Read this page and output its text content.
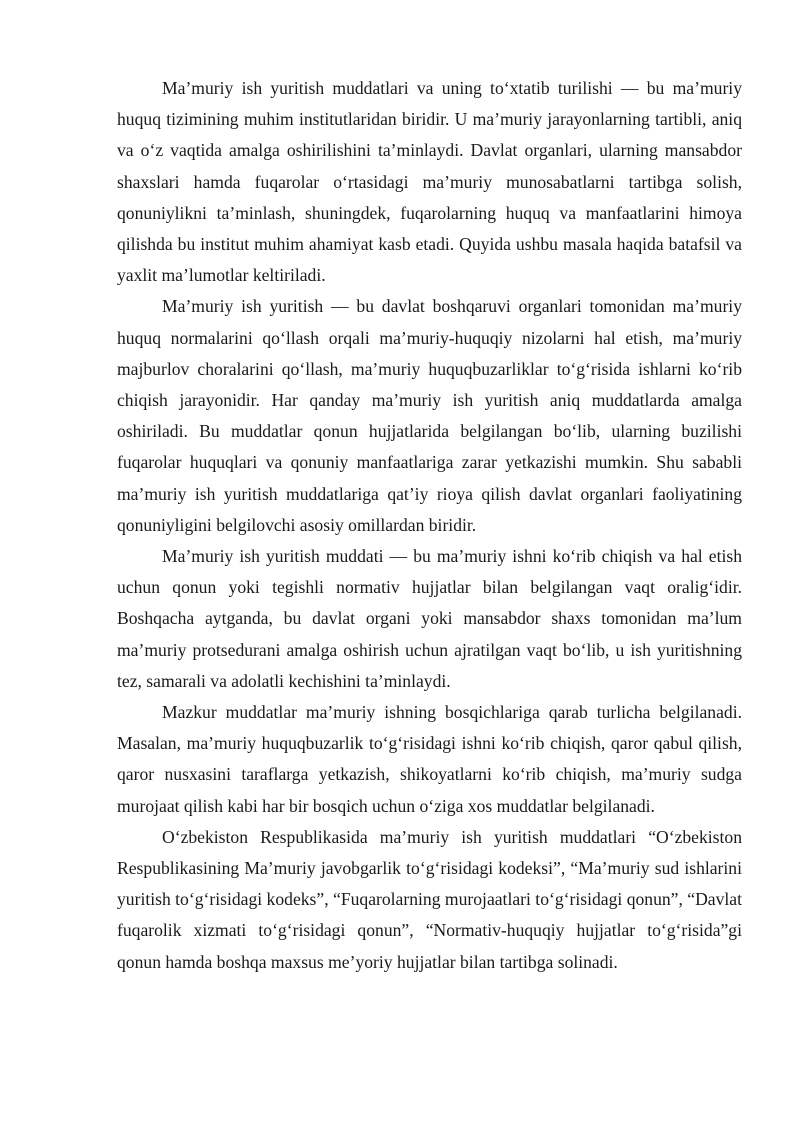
Ma’muriy ish yuritish muddatlari va uning to‘xtatib turilishi — bu ma’muriy huquq tizimining muhim institutlaridan biridir. U ma’muriy jarayonlarning tartibli, aniq va o‘z vaqtida amalga oshirilishini ta’minlaydi. Davlat organlari, ularning mansabdor shaxslari hamda fuqarolar o‘rtasidagi ma’muriy munosabatlarni tartibga solish, qonuniylikni ta’minlash, shuningdek, fuqarolarning huquq va manfaatlarini himoya qilishda bu institut muhim ahamiyat kasb etadi. Quyida ushbu masala haqida batafsil va yaxlit ma’lumotlar keltiriladi.

Ma’muriy ish yuritish — bu davlat boshqaruvi organlari tomonidan ma’muriy huquq normalarini qo‘llash orqali ma’muriy-huquqiy nizolarni hal etish, ma’muriy majburlov choralarini qo‘llash, ma’muriy huquqbuzarliklar to‘g‘risida ishlarni ko‘rib chiqish jarayonidir. Har qanday ma’muriy ish yuritish aniq muddatlarda amalga oshiriladi. Bu muddatlar qonun hujjatlarida belgilangan bo‘lib, ularning buzilishi fuqarolar huquqlari va qonuniy manfaatlariga zarar yetkazishi mumkin. Shu sababli ma’muriy ish yuritish muddatlariga qat’iy rioya qilish davlat organlari faoliyatining qonuniyligini belgilovchi asosiy omillardan biridir.

Ma’muriy ish yuritish muddati — bu ma’muriy ishni ko‘rib chiqish va hal etish uchun qonun yoki tegishli normativ hujjatlar bilan belgilangan vaqt oralig‘idir. Boshqacha aytganda, bu davlat organi yoki mansabdor shaxs tomonidan ma’lum ma’muriy protsedurani amalga oshirish uchun ajratilgan vaqt bo‘lib, u ish yuritishning tez, samarali va adolatli kechishini ta’minlaydi.

Mazkur muddatlar ma’muriy ishning bosqichlariga qarab turlicha belgilanadi. Masalan, ma’muriy huquqbuzarlik to‘g‘risidagi ishni ko‘rib chiqish, qaror qabul qilish, qaror nusxasini taraflarga yetkazish, shikoyatlarni ko‘rib chiqish, ma’muriy sudga murojaat qilish kabi har bir bosqich uchun o‘ziga xos muddatlar belgilanadi.

O‘zbekiston Respublikasida ma’muriy ish yuritish muddatlari “O‘zbekiston Respublikasining Ma’muriy javobgarlik to‘g‘risidagi kodeksi”, “Ma’muriy sud ishlarini yuritish to‘g‘risidagi kodeks”, “Fuqarolarning murojaatlari to‘g‘risidagi qonun”, “Davlat fuqarolik xizmati to‘g‘risidagi qonun”, “Normativ-huquqiy hujjatlar to‘g‘risida”gi qonun hamda boshqa maxsus me’yoriy hujjatlar bilan tartibga solinadi.
